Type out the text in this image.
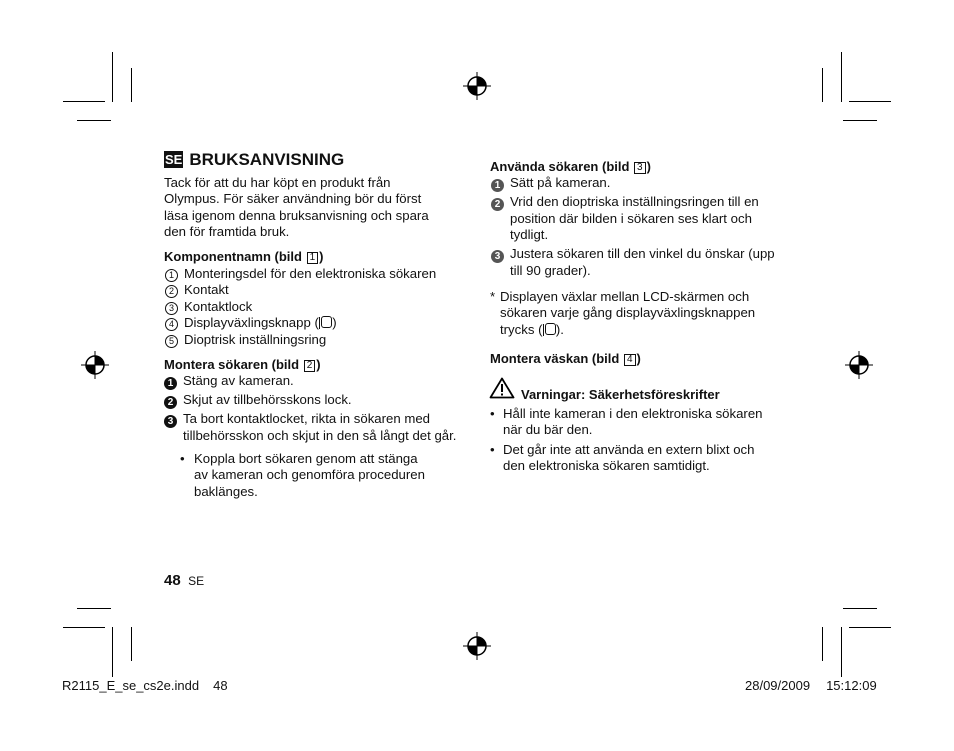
SE BRUKSANVISNING
Tack för att du har köpt en produkt från
Olympus. För säker användning bör du först
läsa igenom denna bruksanvisning och spara
den för framtida bruk.
Komponentnamn (bild 1 )
1 Monteringsdel för den elektroniska sökaren
2 Kontakt
3 Kontaktlock
4 Displayväxlingsknapp ( )
5 Dioptrisk inställningsring
Montera sökaren (bild 2 )
1 Stäng av kameran.
2 Skjut av tillbehörsskons lock.
3 Ta bort kontaktlocket, rikta in sökaren med
tillbehörsskon och skjut in den så långt det går.
• Koppla bort sökaren genom att stänga
av kameran och genomföra proceduren
baklänges.
48 SE
Använda sökaren (bild 3 )
1 Sätt på kameran.
2 Vrid den dioptriska inställningsringen till en
position där bilden i sökaren ses klart och
tydligt.
3 Justera sökaren till den vinkel du önskar (upp
till 90 grader).
* Displayen växlar mellan LCD-skärmen och
sökaren varje gång displayväxlingsknappen
trycks ( ).
Montera väskan (bild 4 )
Varningar: Säkerhetsföreskrifter
• Håll inte kameran i den elektroniska sökaren
när du bär den.
• Det går inte att använda en extern blixt och
den elektroniska sökaren samtidigt.
R2115_E_se_cs2e.indd 48	28/09/2009 15:12:09
